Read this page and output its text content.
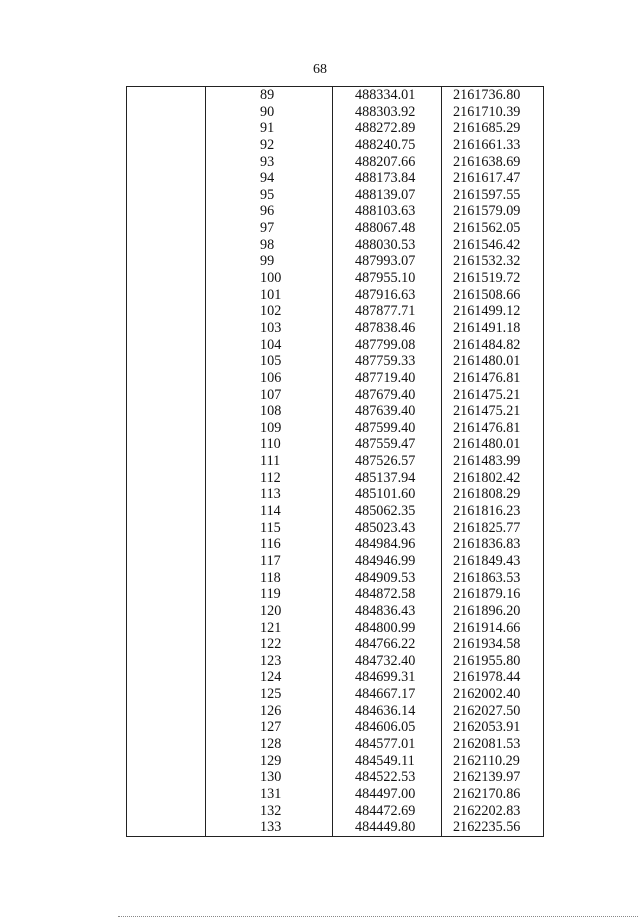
68
	89	488334.01	2161736.80
	90	488303.92	2161710.39
	91	488272.89	2161685.29
	92	488240.75	2161661.33
	93	488207.66	2161638.69
	94	488173.84	2161617.47
	95	488139.07	2161597.55
	96	488103.63	2161579.09
	97	488067.48	2161562.05
	98	488030.53	2161546.42
	99	487993.07	2161532.32
	100	487955.10	2161519.72
	101	487916.63	2161508.66
	102	487877.71	2161499.12
	103	487838.46	2161491.18
	104	487799.08	2161484.82
	105	487759.33	2161480.01
	106	487719.40	2161476.81
	107	487679.40	2161475.21
	108	487639.40	2161475.21
	109	487599.40	2161476.81
	110	487559.47	2161480.01
	111	487526.57	2161483.99
	112	485137.94	2161802.42
	113	485101.60	2161808.29
	114	485062.35	2161816.23
	115	485023.43	2161825.77
	116	484984.96	2161836.83
	117	484946.99	2161849.43
	118	484909.53	2161863.53
	119	484872.58	2161879.16
	120	484836.43	2161896.20
	121	484800.99	2161914.66
	122	484766.22	2161934.58
	123	484732.40	2161955.80
	124	484699.31	2161978.44
	125	484667.17	2162002.40
	126	484636.14	2162027.50
	127	484606.05	2162053.91
	128	484577.01	2162081.53
	129	484549.11	2162110.29
	130	484522.53	2162139.97
	131	484497.00	2162170.86
	132	484472.69	2162202.83
	133	484449.80	2162235.56
